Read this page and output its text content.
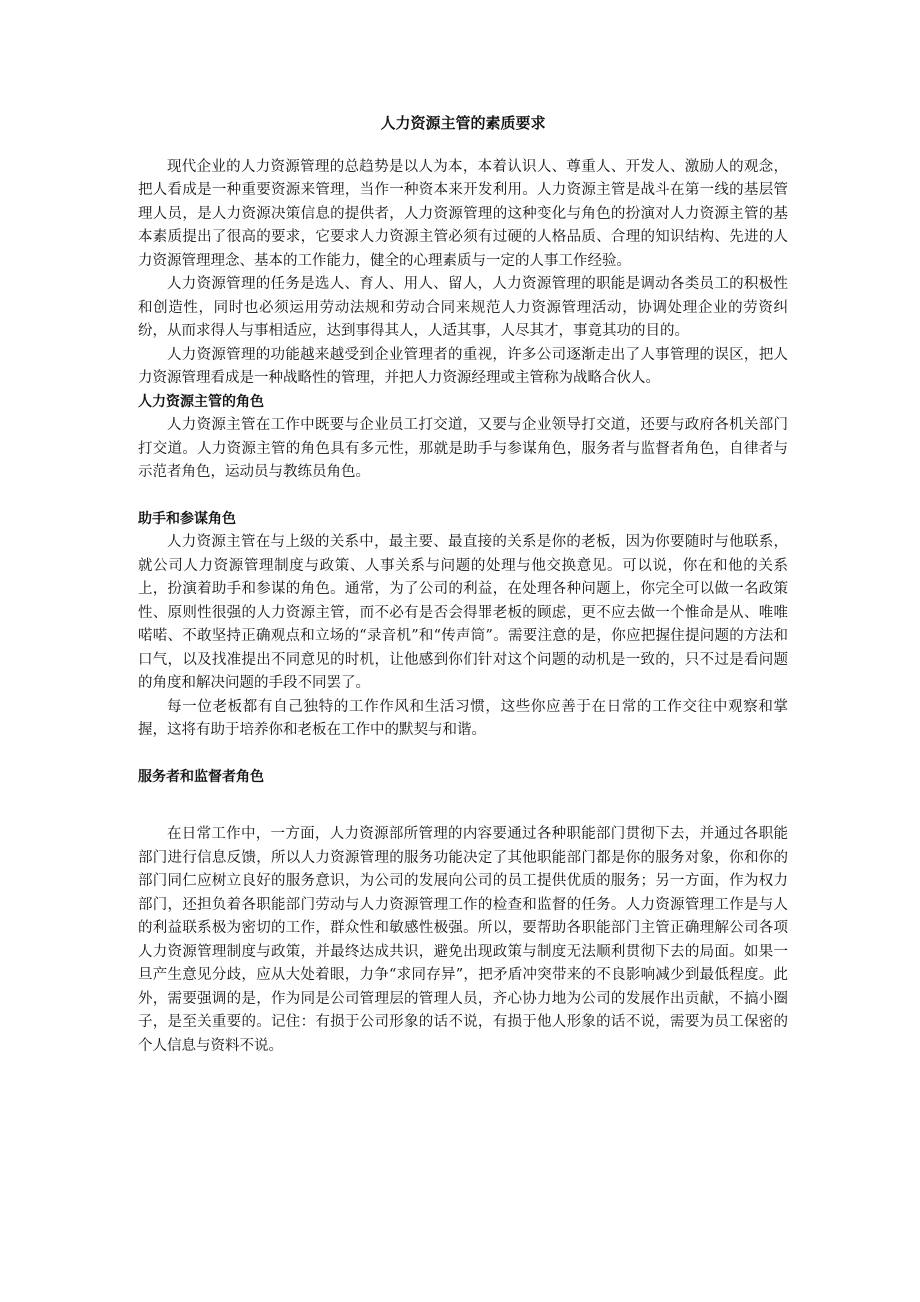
人力资源主管的素质要求

现代企业的人力资源管理的总趋势是以人为本，本着认识人、尊重人、开发人、激励人的观念，把人看成是一种重要资源来管理，当作一种资本来开发利用。人力资源主管是战斗在第一线的基层管理人员，是人力资源决策信息的提供者，人力资源管理的这种变化与角色的扮演对人力资源主管的基本素质提出了很高的要求，它要求人力资源主管必须有过硬的人格品质、合理的知识结构、先进的人力资源管理理念、基本的工作能力，健全的心理素质与一定的人事工作经验。

人力资源管理的任务是选人、育人、用人、留人，人力资源管理的职能是调动各类员工的积极性和创造性，同时也必须运用劳动法规和劳动合同来规范人力资源管理活动，协调处理企业的劳资纠纷，从而求得人与事相适应，达到事得其人，人适其事，人尽其才，事竟其功的目的。

人力资源管理的功能越来越受到企业管理者的重视，许多公司逐渐走出了人事管理的误区，把人力资源管理看成是一种战略性的管理，并把人力资源经理或主管称为战略合伙人。

人力资源主管的角色

人力资源主管在工作中既要与企业员工打交道，又要与企业领导打交道，还要与政府各机关部门打交道。人力资源主管的角色具有多元性，那就是助手与参谋角色，服务者与监督者角色，自律者与示范者角色，运动员与教练员角色。

助手和参谋角色

人力资源主管在与上级的关系中，最主要、最直接的关系是你的老板，因为你要随时与他联系，就公司人力资源管理制度与政策、人事关系与问题的处理与他交换意见。可以说，你在和他的关系上，扮演着助手和参谋的角色。通常，为了公司的利益，在处理各种问题上，你完全可以做一名政策性、原则性很强的人力资源主管，而不必有是否会得罪老板的顾虑，更不应去做一个惟命是从、唯唯喏喏、不敢坚持正确观点和立场的“录音机”和“传声筒”。需要注意的是，你应把握住提问题的方法和口气，以及找准提出不同意见的时机，让他感到你们针对这个问题的动机是一致的，只不过是看问题的角度和解决问题的手段不同罢了。

每一位老板都有自己独特的工作作风和生活习惯，这些你应善于在日常的工作交往中观察和掌握，这将有助于培养你和老板在工作中的默契与和谐。

服务者和监督者角色

在日常工作中，一方面，人力资源部所管理的内容要通过各种职能部门贯彻下去，并通过各职能部门进行信息反馈，所以人力资源管理的服务功能决定了其他职能部门都是你的服务对象，你和你的部门同仁应树立良好的服务意识，为公司的发展向公司的员工提供优质的服务；另一方面，作为权力部门，还担负着各职能部门劳动与人力资源管理工作的检查和监督的任务。人力资源管理工作是与人的利益联系极为密切的工作，群众性和敏感性极强。所以，要帮助各职能部门主管正确理解公司各项人力资源管理制度与政策，并最终达成共识，避免出现政策与制度无法顺利贯彻下去的局面。如果一旦产生意见分歧，应从大处着眼，力争“求同存异”，把矛盾冲突带来的不良影响减少到最低程度。此外，需要强调的是，作为同是公司管理层的管理人员，齐心协力地为公司的发展作出贡献，不搞小圈子，是至关重要的。记住：有损于公司形象的话不说，有损于他人形象的话不说，需要为员工保密的个人信息与资料不说。
